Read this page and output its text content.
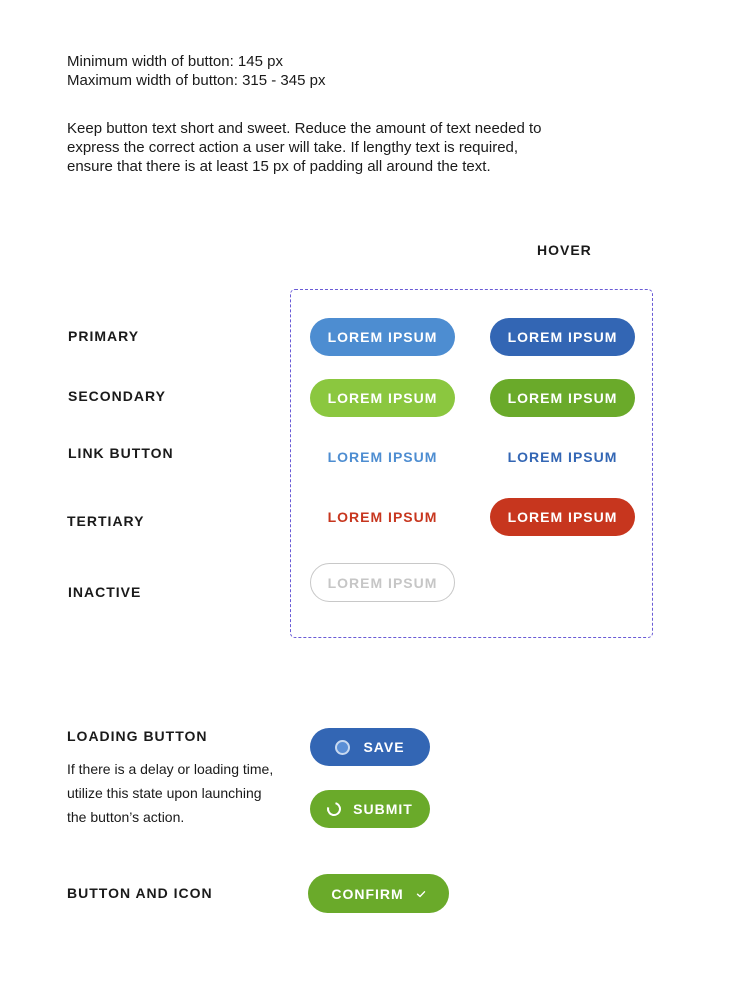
Minimum width of button: 145 px
Maximum width of button: 315 - 345 px
Keep button text short and sweet. Reduce the amount of text needed to express the correct action a user will take. If lengthy text is required, ensure that there is at least 15 px of padding all around the text.
HOVER
PRIMARY
SECONDARY
LINK BUTTON
TERTIARY
INACTIVE
LOREM IPSUM
LOREM IPSUM
LOREM IPSUM
LOREM IPSUM
LOREM IPSUM
LOREM IPSUM
LOREM IPSUM
LOREM IPSUM
LOREM IPSUM
LOADING BUTTON
If there is a delay or loading time, utilize this state upon launching the button’s action.
SAVE
SUBMIT
BUTTON AND ICON	CONFIRM
